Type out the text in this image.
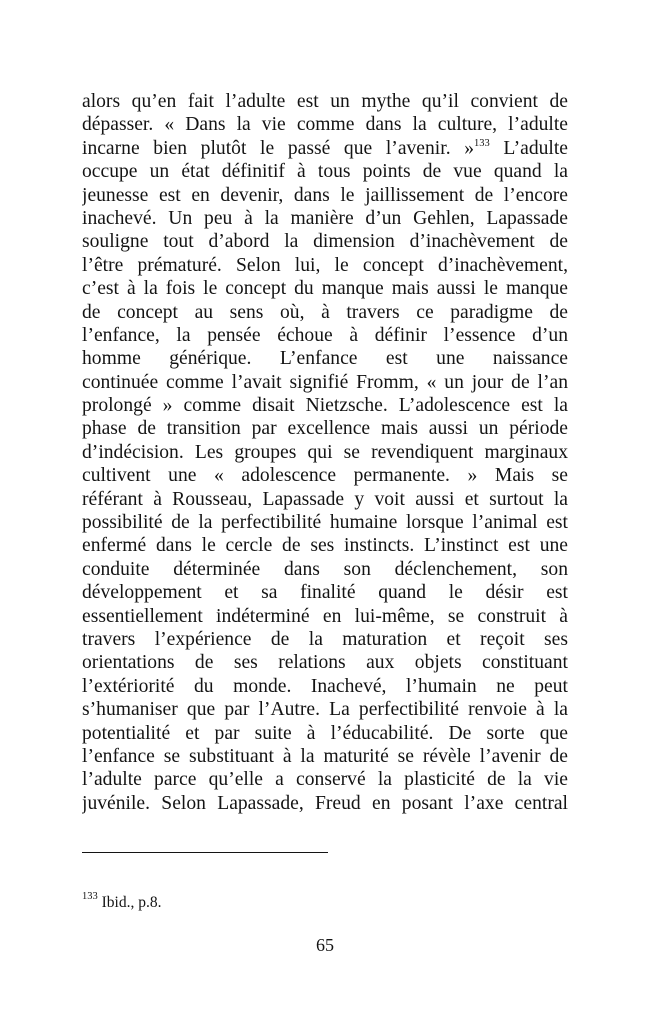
alors qu’en fait l’adulte est un mythe qu’il convient de
dépasser. « Dans la vie comme dans la culture, l’adulte
incarne bien plutôt le passé que l’avenir. »$^{133}$ L’adulte
occupe un état définitif à tous points de vue quand la
jeunesse est en devenir, dans le jaillissement de l’encore
inachevé. Un peu à la manière d’un Gehlen, Lapassade
souligne tout d’abord la dimension d’inachèvement de
l’être prématuré. Selon lui, le concept d’inachèvement,
c’est à la fois le concept du manque mais aussi le manque
de concept au sens où, à travers ce paradigme de
l’enfance, la pensée échoue à définir l’essence d’un
homme générique. L’enfance est une naissance
continuée comme l’avait signifié Fromm, « un jour de l’an
prolongé » comme disait Nietzsche. L’adolescence est la
phase de transition par excellence mais aussi un période
d’indécision. Les groupes qui se revendiquent marginaux
cultivent une « adolescence permanente. » Mais se
référant à Rousseau, Lapassade y voit aussi et surtout la
possibilité de la perfectibilité humaine lorsque l’animal est
enfermé dans le cercle de ses instincts. L’instinct est une
conduite déterminée dans son déclenchement, son
développement et sa finalité quand le désir est
essentiellement indéterminé en lui-même, se construit à
travers l’expérience de la maturation et reçoit ses
orientations de ses relations aux objets constituant
l’extériorité du monde. Inachevé, l’humain ne peut
s’humaniser que par l’Autre. La perfectibilité renvoie à la
potentialité et par suite à l’éducabilité. De sorte que
l’enfance se substituant à la maturité se révèle l’avenir de
l’adulte parce qu’elle a conservé la plasticité de la vie
juvénile. Selon Lapassade, Freud en posant l’axe central
$^{133}$ Ibid., p.8.
65
